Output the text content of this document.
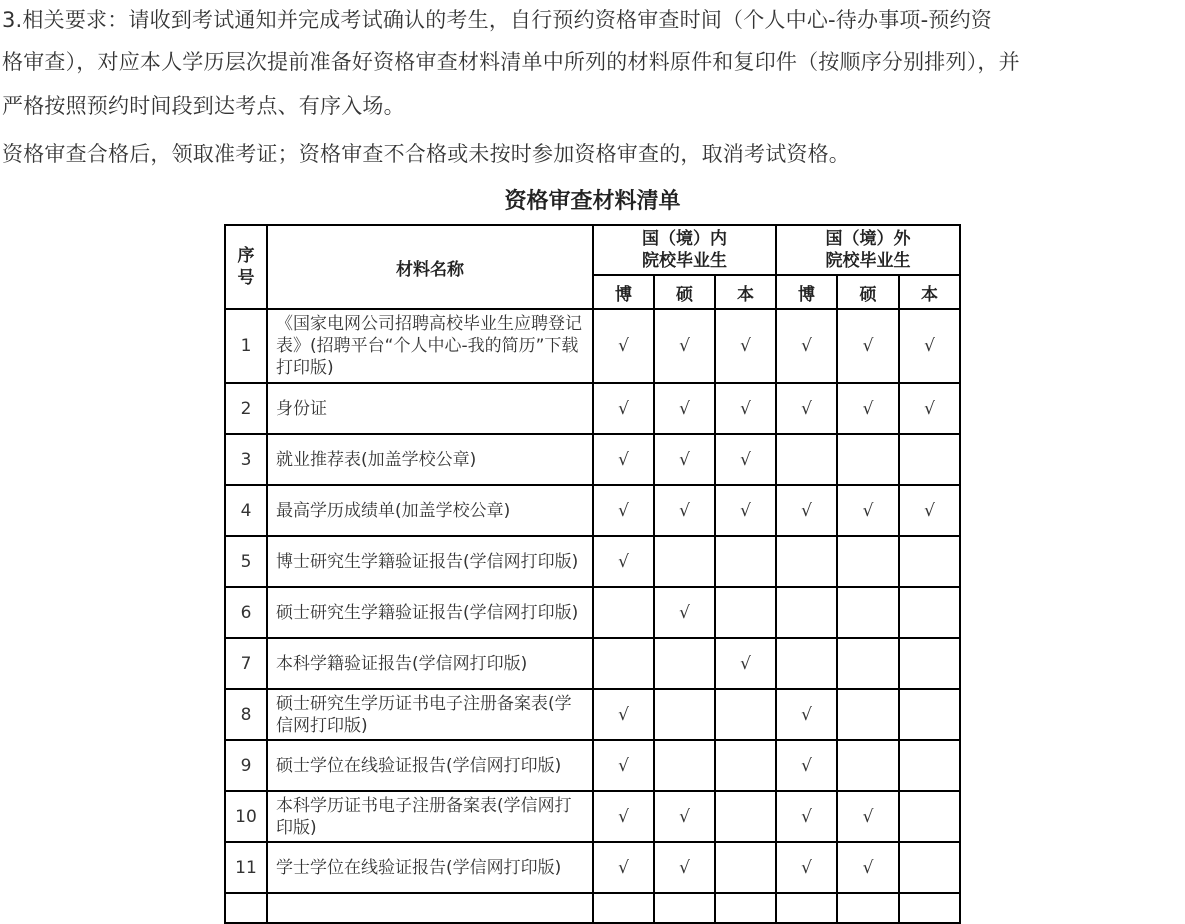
3.相关要求：请收到考试通知并完成考试确认的考生，自行预约资格审查时间（个人中心-待办事项-预约资

格审查），对应本人学历层次提前准备好资格审查材料清单中所列的材料原件和复印件（按顺序分别排列），并

严格按照预约时间段到达考点、有序入场。

资格审查合格后，领取准考证；资格审查不合格或未按时参加资格审查的，取消考试资格。

资格审查材料清单
序
号	材料名称	国（境）内
院校毕业生			国（境）外
院校毕业生		
		博	硕	本	博	硕	本
1	《国家电网公司招聘高校毕业生应聘登记表》(招聘平台“个人中心-我的简历”下载打印版)	√	√	√	√	√	√
2	身份证	√	√	√	√	√	√
3	就业推荐表(加盖学校公章)	√	√	√			
4	最高学历成绩单(加盖学校公章)	√	√	√	√	√	√
5	博士研究生学籍验证报告(学信网打印版)	√					
6	硕士研究生学籍验证报告(学信网打印版)		√				
7	本科学籍验证报告(学信网打印版)			√			
8	硕士研究生学历证书电子注册备案表(学信网打印版)	√			√		
9	硕士学位在线验证报告(学信网打印版)	√			√		
10	本科学历证书电子注册备案表(学信网打印版)	√	√		√	√	
11	学士学位在线验证报告(学信网打印版)	√	√		√	√	
